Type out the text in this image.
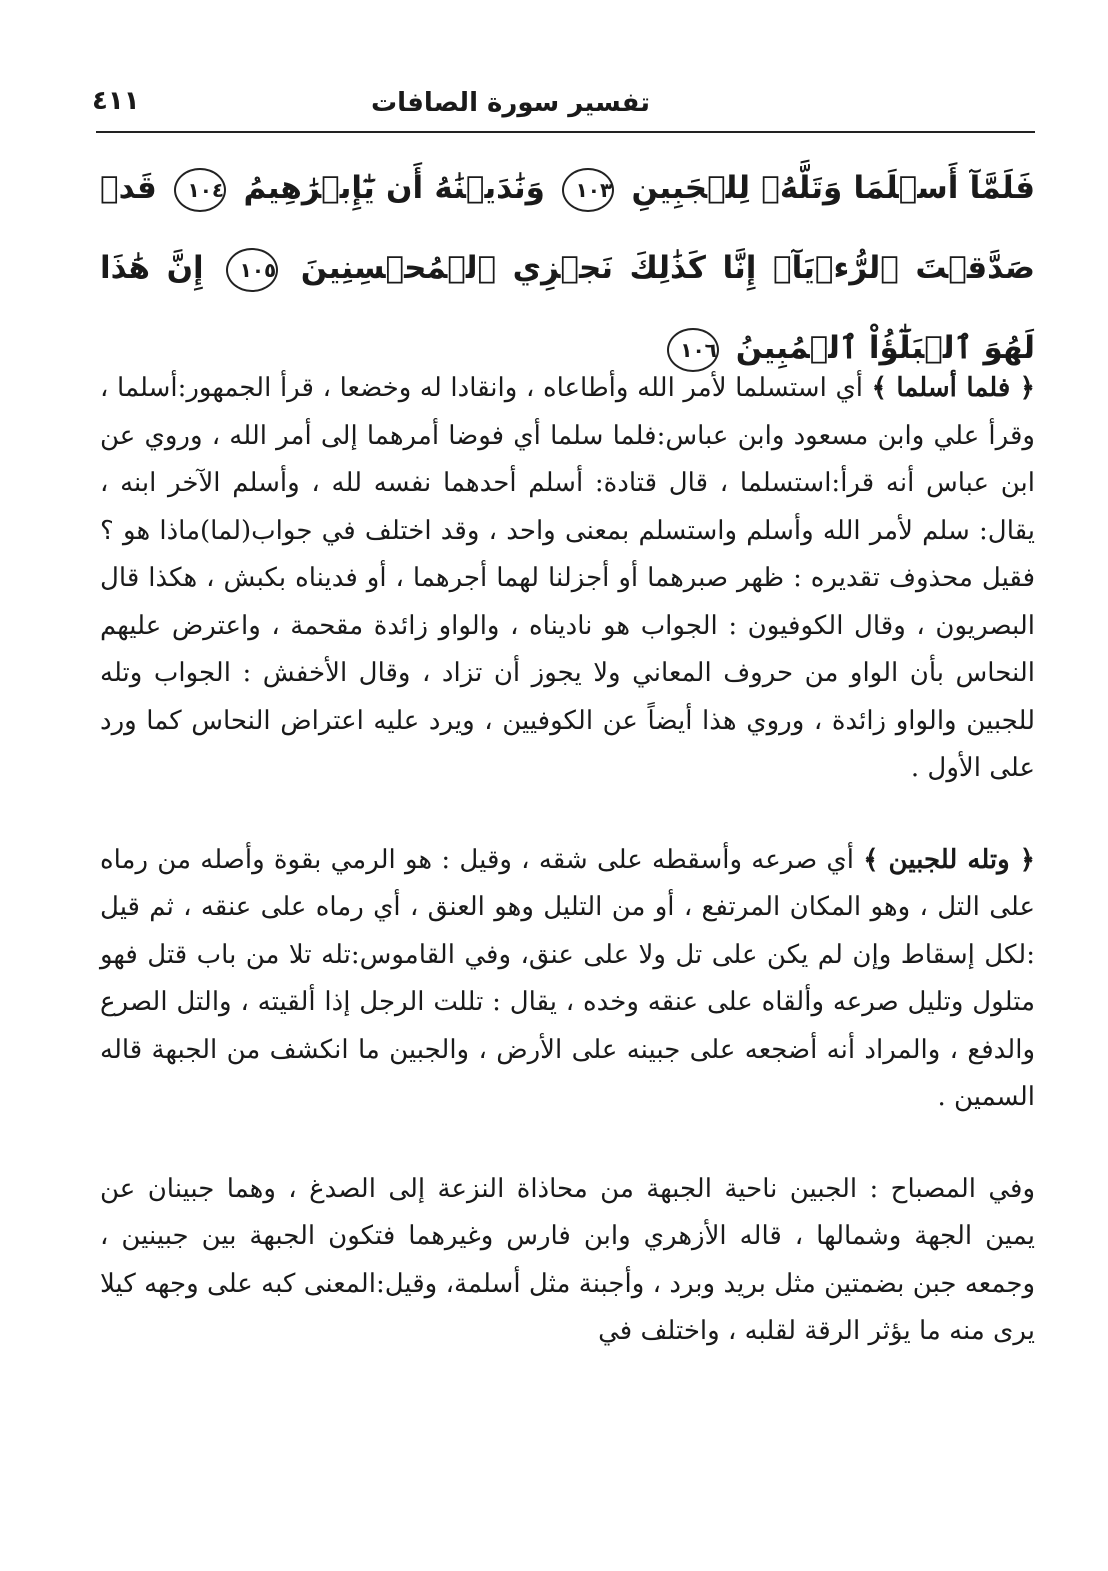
تفسير سورة الصافات
٤١١
فَلَمَّآ أَسۡلَمَا وَتَلَّهُۥ لِلۡجَبِينِ ١٠٣ وَنَٰدَيۡنَٰهُ أَن يَٰٓإِبۡرَٰهِيمُ ١٠٤ قَدۡ صَدَّقۡتَ ٱلرُّءۡيَآۚ إِنَّا كَذَٰلِكَ نَجۡزِي ٱلۡمُحۡسِنِينَ ١٠٥ إِنَّ هَٰذَا لَهُوَ ٱلۡبَلَٰٓؤُاْ ٱلۡمُبِينُ ١٠٦

﴿ فلما أسلما ﴾ أي استسلما لأمر الله وأطاعاه ، وانقادا له وخضعا ، قرأ الجمهور:أسلما ، وقرأ علي وابن مسعود وابن عباس:فلما سلما أي فوضا أمرهما إلى أمر الله ، وروي عن ابن عباس أنه قرأ:استسلما ، قال قتادة: أسلم أحدهما نفسه لله ، وأسلم الآخر ابنه ، يقال: سلم لأمر الله وأسلم واستسلم بمعنى واحد ، وقد اختلف في جواب(لما)ماذا هو ؟ فقيل محذوف تقديره : ظهر صبرهما أو أجزلنا لهما أجرهما ، أو فديناه بكبش ، هكذا قال البصريون ، وقال الكوفيون : الجواب هو ناديناه ، والواو زائدة مقحمة ، واعترض عليهم النحاس بأن الواو من حروف المعاني ولا يجوز أن تزاد ، وقال الأخفش : الجواب وتله للجبين والواو زائدة ، وروي هذا أيضاً عن الكوفيين ، ويرد عليه اعتراض النحاس كما ورد على الأول .

﴿ وتله للجبين ﴾ أي صرعه وأسقطه على شقه ، وقيل : هو الرمي بقوة وأصله من رماه على التل ، وهو المكان المرتفع ، أو من التليل وهو العنق ، أي رماه على عنقه ، ثم قيل :لكل إسقاط وإن لم يكن على تل ولا على عنق، وفي القاموس:تله تلا من باب قتل فهو متلول وتليل صرعه وألقاه على عنقه وخده ، يقال : تللت الرجل إذا ألقيته ، والتل الصرع والدفع ، والمراد أنه أضجعه على جبينه على الأرض ، والجبين ما انكشف من الجبهة قاله السمين .

وفي المصباح : الجبين ناحية الجبهة من محاذاة النزعة إلى الصدغ ، وهما جبينان عن يمين الجهة وشمالها ، قاله الأزهري وابن فارس وغيرهما فتكون الجبهة بين جبينين ، وجمعه جبن بضمتين مثل بريد وبرد ، وأجبنة مثل أسلمة، وقيل:المعنى كبه على وجهه كيلا يرى منه ما يؤثر الرقة لقلبه ، واختلف في
